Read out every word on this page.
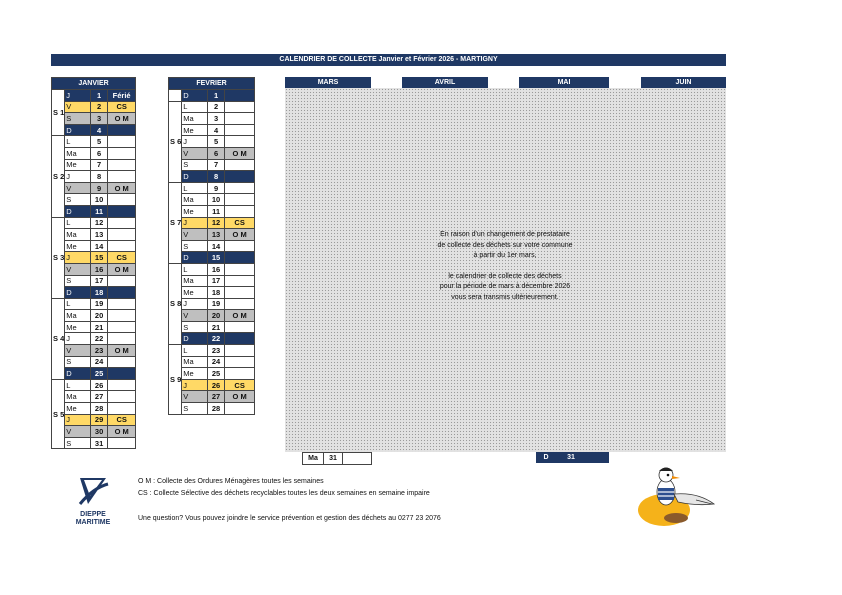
CALENDRIER DE COLLECTE Janvier et Février 2026 - MARTIGNY
JANVIER			
S 1	J	1	Férié
	V	2	CS
	S	3	O M
	D	4	
S 2	L	5	
	Ma	6	
	Me	7	
	J	8	
	V	9	O M
	S	10	
	D	11	
S 3	L	12	
	Ma	13	
	Me	14	
	J	15	CS
	V	16	O M
	S	17	
	D	18	
S 4	L	19	
	Ma	20	
	Me	21	
	J	22	
	V	23	O M
	S	24	
	D	25	
S 5	L	26	
	Ma	27	
	Me	28	
	J	29	CS
	V	30	O M
	S	31	
FEVRIER			
	D	1	
S 6	L	2	
	Ma	3	
	Me	4	
	J	5	
	V	6	O M
	S	7	
	D	8	
S 7	L	9	
	Ma	10	
	Me	11	
	J	12	CS
	V	13	O M
	S	14	
	D	15	
S 8	L	16	
	Ma	17	
	Me	18	
	J	19	
	V	20	O M
	S	21	
	D	22	
S 9	L	23	
	Ma	24	
	Me	25	
	J	26	CS
	V	27	O M
	S	28	
MARS	AVRIL	MAI	JUIN

En raison d'un changement de prestataire
de collecte des déchets sur votre commune
à partir du 1er mars,

le calendrier de collecte des déchets
pour la période de mars à décembre 2026
vous sera transmis ultérieurement.

Ma	31	D	31
DIEPPE
MARITIME
O M : Collecte des Ordures Ménagères toutes les semaines
CS : Collecte Sélective des déchets recyclables toutes les deux semaines en semaine impaire
Une question? Vous pouvez joindre le service prévention et gestion des déchets au 0277 23 2076
